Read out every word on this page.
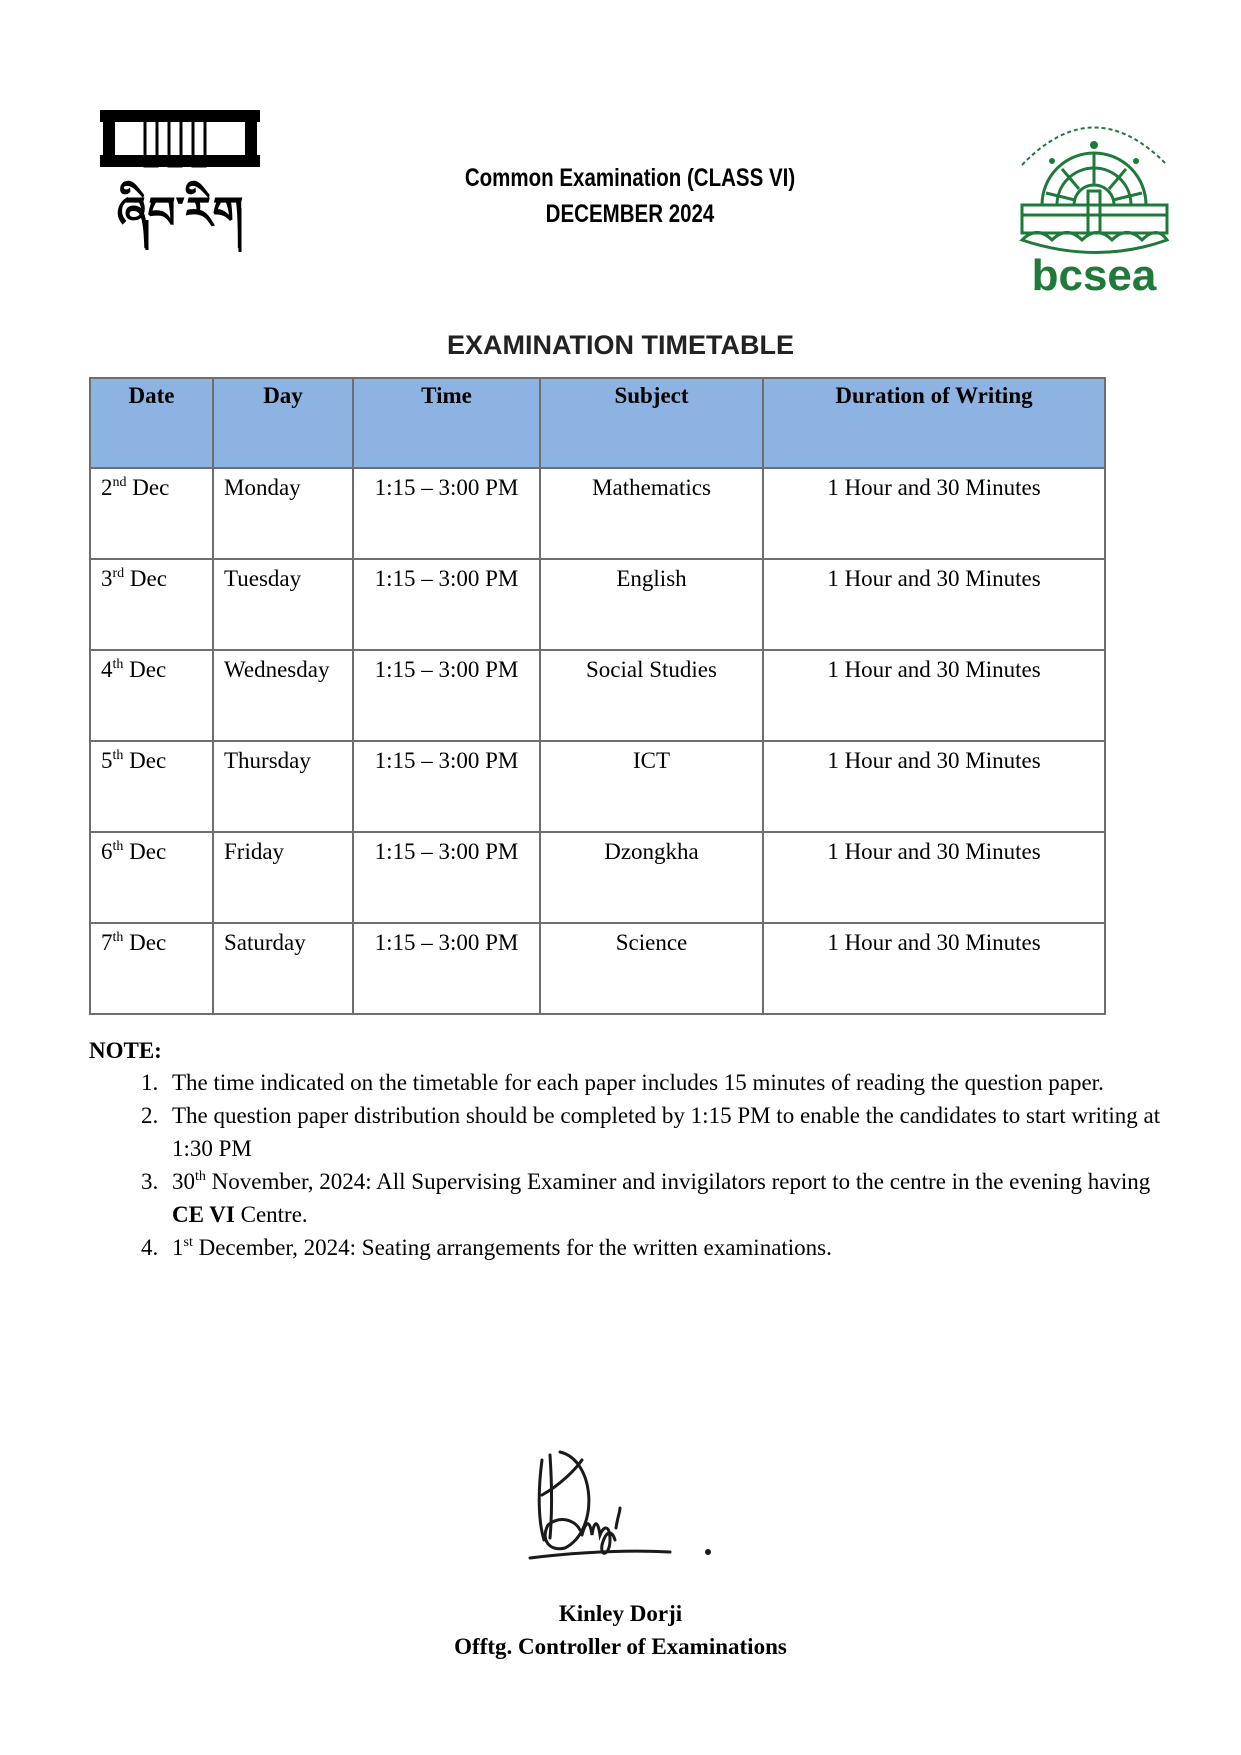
ཞིབ་རིག
Common Examination (CLASS VI)
DECEMBER 2024
bcsea
EXAMINATION TIMETABLE
Date	Day	Time	Subject	Duration of Writing
2nd Dec	Monday	1:15 – 3:00 PM	Mathematics	1 Hour and 30 Minutes
3rd Dec	Tuesday	1:15 – 3:00 PM	English	1 Hour and 30 Minutes
4th Dec	Wednesday	1:15 – 3:00 PM	Social Studies	1 Hour and 30 Minutes
5th Dec	Thursday	1:15 – 3:00 PM	ICT	1 Hour and 30 Minutes
6th Dec	Friday	1:15 – 3:00 PM	Dzongkha	1 Hour and 30 Minutes
7th Dec	Saturday	1:15 – 3:00 PM	Science	1 Hour and 30 Minutes
NOTE:
1. The time indicated on the timetable for each paper includes 15 minutes of reading the question paper.
2. The question paper distribution should be completed by 1:15 PM to enable the candidates to start writing at 1:30 PM
3. 30th November, 2024: All Supervising Examiner and invigilators report to the centre in the evening having CE VI Centre.
4. 1st December, 2024: Seating arrangements for the written examinations.
Kinley Dorji
Offtg. Controller of Examinations
